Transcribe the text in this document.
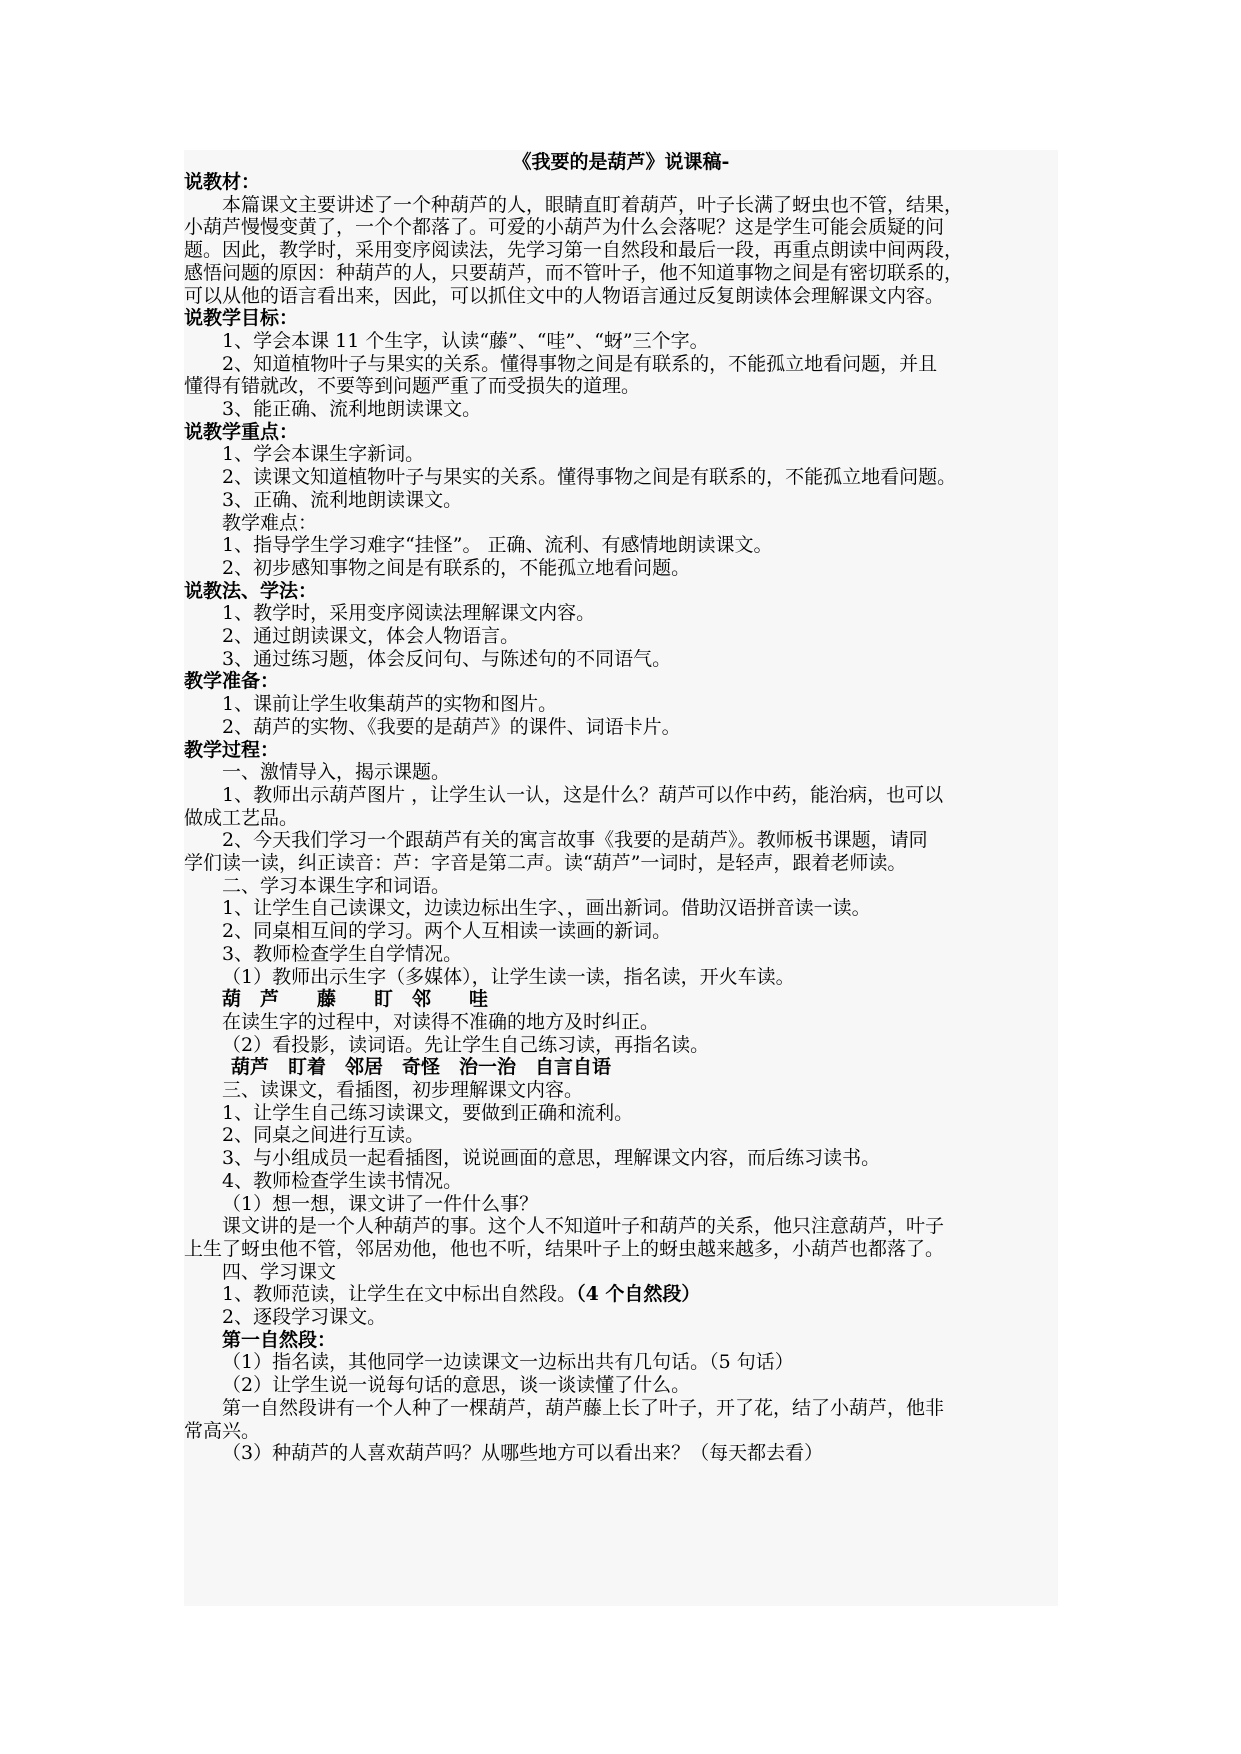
《我要的是葫芦》说课稿-
说教材：
本篇课文主要讲述了一个种葫芦的人，眼睛直盯着葫芦，叶子长满了蚜虫也不管，结果，
小葫芦慢慢变黄了，一个个都落了。可爱的小葫芦为什么会落呢？这是学生可能会质疑的问
题。因此，教学时，采用变序阅读法，先学习第一自然段和最后一段，再重点朗读中间两段，
感悟问题的原因：种葫芦的人，只要葫芦，而不管叶子，他不知道事物之间是有密切联系的，
可以从他的语言看出来，因此，可以抓住文中的人物语言通过反复朗读体会理解课文内容。
说教学目标：
1、学会本课 11 个生字，认读“藤”、“哇”、“蚜”三个字。
2、知道植物叶子与果实的关系。懂得事物之间是有联系的，不能孤立地看问题，并且
懂得有错就改，不要等到问题严重了而受损失的道理。
3、能正确、流利地朗读课文。
说教学重点：
1、学会本课生字新词。
2、读课文知道植物叶子与果实的关系。懂得事物之间是有联系的，不能孤立地看问题。
3、正确、流利地朗读课文。
教学难点：
1、指导学生学习难字“挂怪”。 正确、流利、有感情地朗读课文。
2、初步感知事物之间是有联系的，不能孤立地看问题。
说教法、学法：
1、教学时，采用变序阅读法理解课文内容。
2、通过朗读课文，体会人物语言。
3、通过练习题，体会反问句、与陈述句的不同语气。
教学准备：
1、课前让学生收集葫芦的实物和图片。
2、葫芦的实物、《我要的是葫芦》的课件、词语卡片。
教学过程：
一、激情导入，揭示课题。
1、教师出示葫芦图片 ，让学生认一认，这是什么？葫芦可以作中药，能治病，也可以
做成工艺品。
2、今天我们学习一个跟葫芦有关的寓言故事《我要的是葫芦》。教师板书课题，请同
学们读一读，纠正读音：芦：字音是第二声。读“葫芦”一词时，是轻声，跟着老师读。
二、学习本课生字和词语。
1、让学生自己读课文，边读边标出生字、，画出新词。借助汉语拼音读一读。
2、同桌相互间的学习。两个人互相读一读画的新词。
3、教师检查学生自学情况。
（1）教师出示生字（多媒体），让学生读一读，指名读，开火车读。
葫　芦　　藤　　盯　邻　　哇
在读生字的过程中，对读得不准确的地方及时纠正。
（2）看投影，读词语。先让学生自己练习读，再指名读。
葫芦　盯着　邻居　奇怪　治一治　自言自语
三、读课文，看插图，初步理解课文内容。
1、让学生自己练习读课文，要做到正确和流利。
2、同桌之间进行互读。
3、与小组成员一起看插图，说说画面的意思，理解课文内容，而后练习读书。
4、教师检查学生读书情况。
（1）想一想，课文讲了一件什么事？
课文讲的是一个人种葫芦的事。这个人不知道叶子和葫芦的关系，他只注意葫芦，叶子
上生了蚜虫他不管，邻居劝他，他也不听，结果叶子上的蚜虫越来越多，小葫芦也都落了。
四、学习课文
1、教师范读，让学生在文中标出自然段。（4 个自然段）
2、逐段学习课文。
第一自然段：
（1）指名读，其他同学一边读课文一边标出共有几句话。（5 句话）
（2）让学生说一说每句话的意思，谈一谈读懂了什么。
第一自然段讲有一个人种了一棵葫芦，葫芦藤上长了叶子，开了花，结了小葫芦，他非
常高兴。
（3）种葫芦的人喜欢葫芦吗？从哪些地方可以看出来？（每天都去看）
